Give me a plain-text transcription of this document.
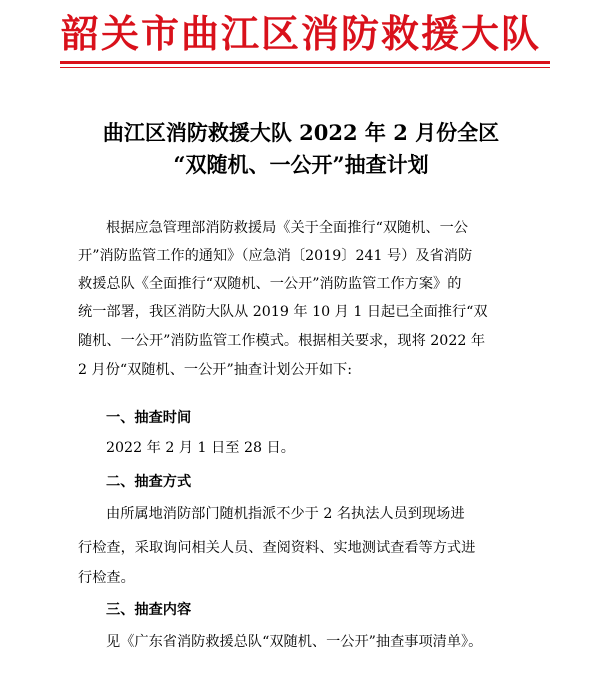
韶关市曲江区消防救援大队
曲江区消防救援大队 2022 年 2 月份全区
“双随机、一公开”抽查计划
根据应急管理部消防救援局《关于全面推行“双随机、一公
开”消防监管工作的通知》（应急消〔2019〕241 号）及省消防
救援总队《全面推行“双随机、一公开”消防监管工作方案》的
统一部署，我区消防大队从 2019 年 10 月 1 日起已全面推行“双
随机、一公开”消防监管工作模式。根据相关要求，现将 2022 年
2 月份“双随机、一公开”抽查计划公开如下:
一、抽查时间
2022 年 2 月 1 日至 28 日。
二、抽查方式
由所属地消防部门随机指派不少于 2 名执法人员到现场进
行检查，采取询问相关人员、查阅资料、实地测试查看等方式进
行检查。
三、抽查内容
见《广东省消防救援总队“双随机、一公开”抽查事项清单》。
